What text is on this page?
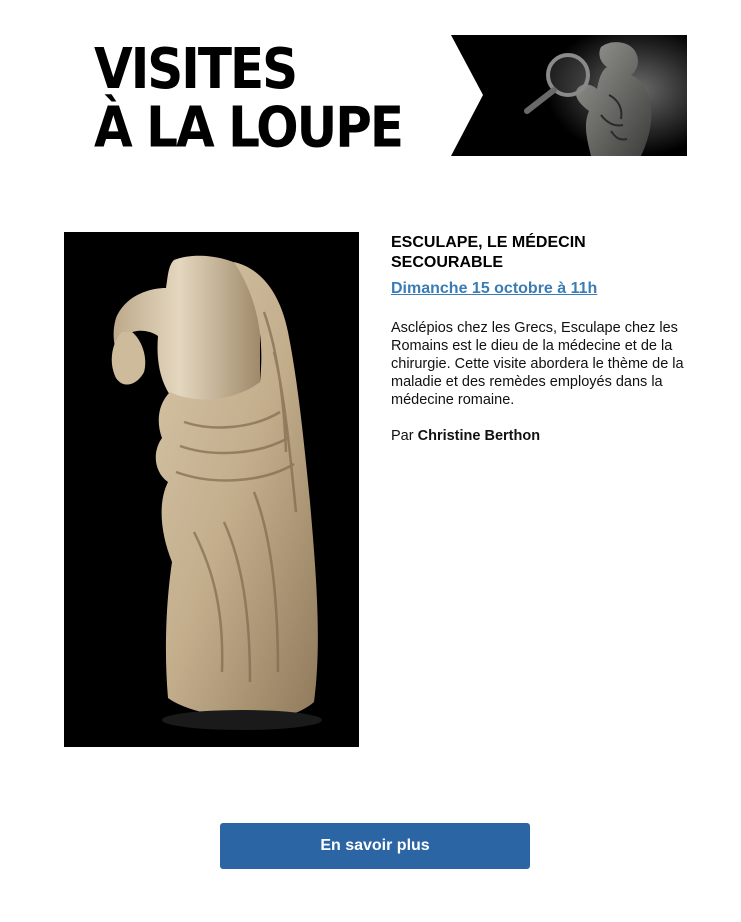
VISITES
À LA LOUPE
ESCULAPE, LE MÉDECIN SECOURABLE
Dimanche 15 octobre à 11h

Asclépios chez les Grecs, Esculape chez les Romains est le dieu de la médecine et de la chirurgie. Cette visite abordera le thème de la maladie et des remèdes employés dans la médecine romaine.

Par Christine Berthon

En savoir plus
